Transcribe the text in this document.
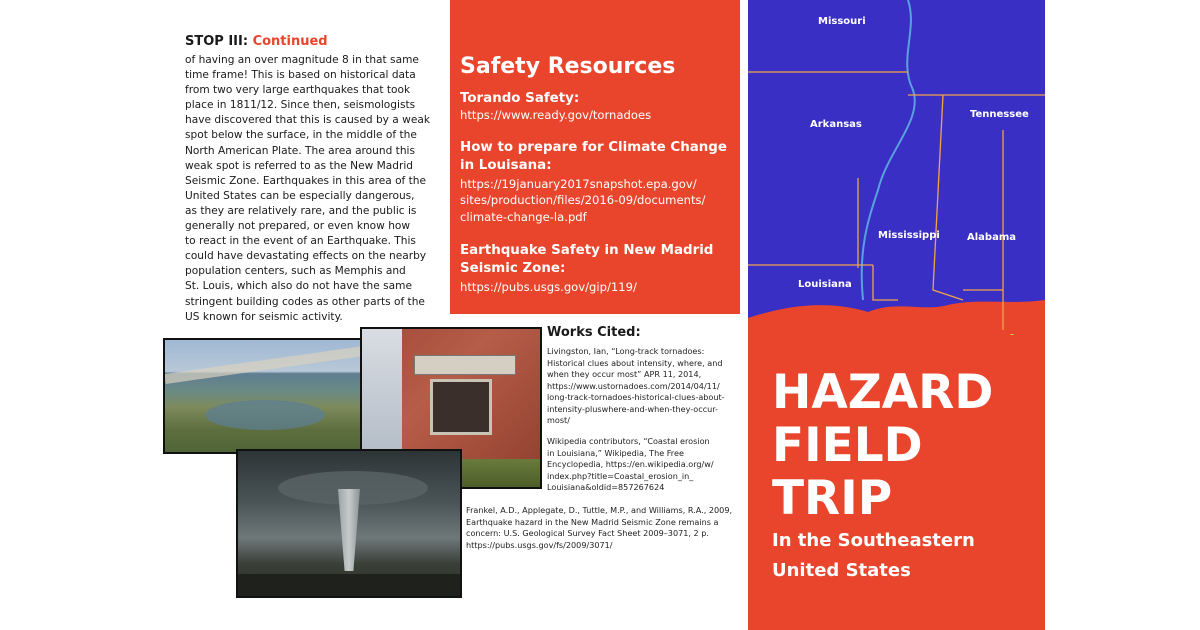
STOP III: Continued
of having an over magnitude 8 in that same
time frame! This is based on historical data
from two very large earthquakes that took
place in 1811/12. Since then, seismologists
have discovered that this is caused by a weak
spot below the surface, in the middle of the
North American Plate. The area around this
weak spot is referred to as the New Madrid
Seismic Zone. Earthquakes in this area of the
United States can be especially dangerous,
as they are relatively rare, and the public is
generally not prepared, or even know how
to react in the event of an Earthquake. This
could have devastating effects on the nearby
population centers, such as Memphis and
St. Louis, which also do not have the same
stringent building codes as other parts of the
US known for seismic activity.
Safety Resources
Torando Safety:
https://www.ready.gov/tornadoes
How to prepare for Climate Change in Louisana:
https://19january2017snapshot.epa.gov/
sites/production/files/2016-09/documents/
climate-change-la.pdf
Earthquake Safety in New Madrid Seismic Zone:
https://pubs.usgs.gov/gip/119/
Works Cited:
Livingston, Ian, “Long-track tornadoes:
Historical clues about intensity, where, and
when they occur most” APR 11, 2014,
https://www.ustornadoes.com/2014/04/11/
long-track-tornadoes-historical-clues-about-
intensity-pluswhere-and-when-they-occur-
most/
Wikipedia contributors, “Coastal erosion
in Louisiana,” Wikipedia, The Free
Encyclopedia, https://en.wikipedia.org/w/
index.php?title=Coastal_erosion_in_
Louisiana&oldid=857267624
Frankel, A.D., Applegate, D., Tuttle, M.P., and Williams, R.A., 2009,
Earthquake hazard in the New Madrid Seismic Zone remains a
concern: U.S. Geological Survey Fact Sheet 2009–3071, 2 p.
https://pubs.usgs.gov/fs/2009/3071/
Missouri
Arkansas
Tennessee
Mississippi	Alabama
Louisiana
HAZARD
FIELD
TRIP
In the Southeastern
United States
